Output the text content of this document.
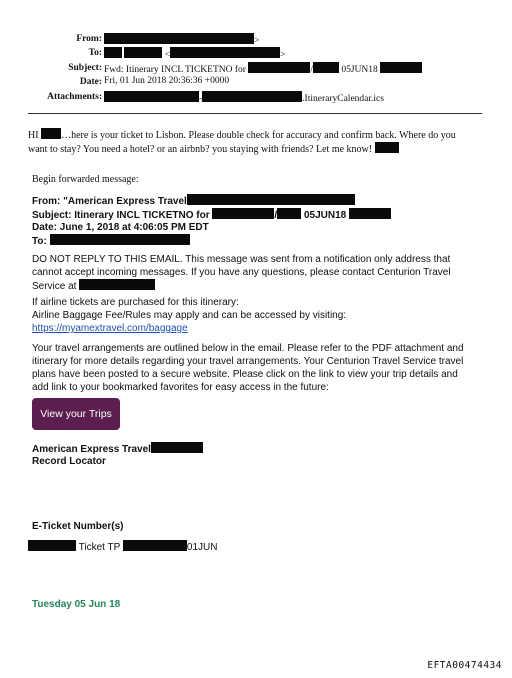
From:	>
To:	<	>
Subject: Fwd: Itinerary INCL TICKETNO for	/	05JUN18
Date: Fri, 01 Jun 2018 20:36:36 +0000
Attachments:	-	.ItineraryCalendar.ics
HI …here is your ticket to Lisbon. Please double check for accuracy and confirm back. Where do you
want to stay? You need a hotel? or an airbnb? you staying with friends? Let me know!
Begin forwarded message:
From: "American Express Travel
Subject: Itinerary INCL TICKETNO for	/	05JUN18
Date: June 1, 2018 at 4:06:05 PM EDT
To:
DO NOT REPLY TO THIS EMAIL. This message was sent from a notification only address that
cannot accept incoming messages. If you have any questions, please contact Centurion Travel
Service at
If airline tickets are purchased for this itinerary:
Airline Baggage Fee/Rules may apply and can be accessed by visiting:
https://myamextravel.com/baggage
Your travel arrangements are outlined below in the email. Please refer to the PDF attachment and
itinerary for more details regarding your travel arrangements. Your Centurion Travel Service travel
plans have been posted to a secure website. Please click on the link to view your trip details and
add link to your bookmarked favorites for easy access in the future:
View your Trips
American Express Travel
Record Locator
E-Ticket Number(s)
Ticket TP	01JUN
Tuesday 05 Jun 18
EFTA00474434
